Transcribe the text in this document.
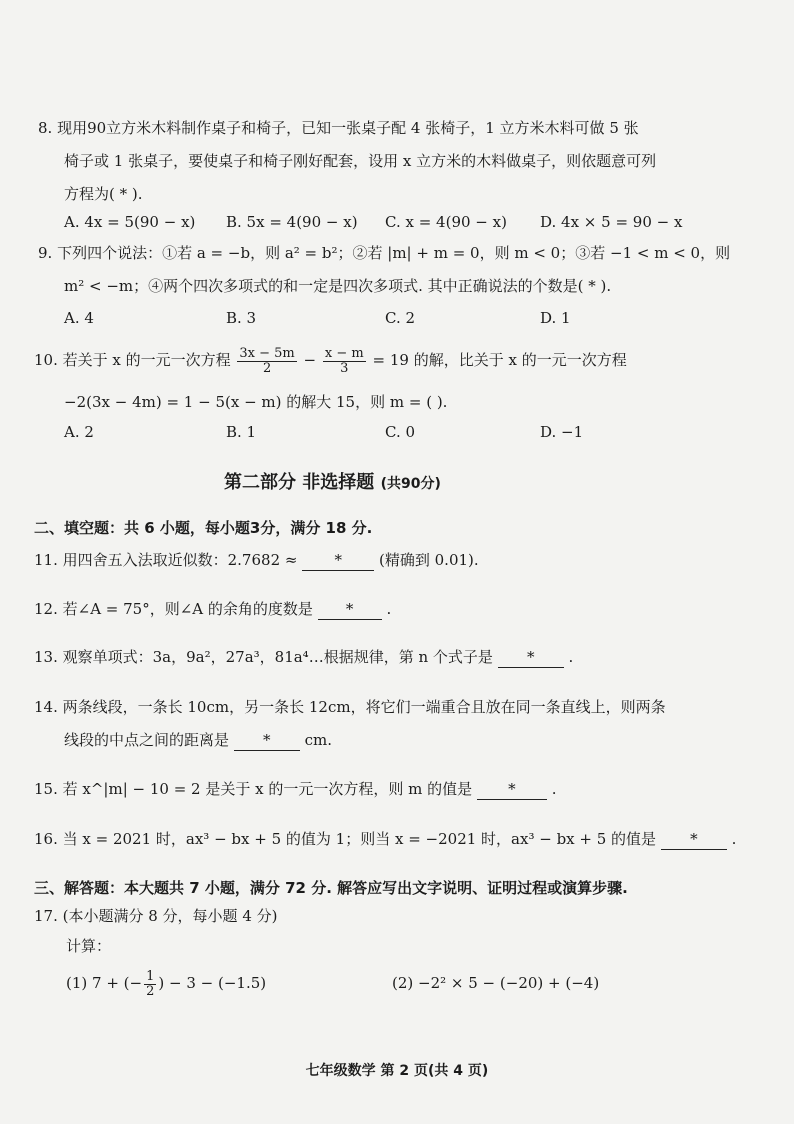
8. 现用90立方米木料制作桌子和椅子，已知一张桌子配 4 张椅子，1 立方米木料可做 5 张
椅子或 1 张桌子，要使桌子和椅子刚好配套，设用 x 立方米的木料做桌子，则依题意可列
方程为( * ).
A. 4x = 5(90 − x) B. 5x = 4(90 − x) C. x = 4(90 − x) D. 4x × 5 = 90 − x
9. 下列四个说法：①若 a = −b，则 a² = b²；②若 |m| + m = 0，则 m < 0；③若 −1 < m < 0，则
m² < −m；④两个四次多项式的和一定是四次多项式. 其中正确说法的个数是( * ).
A. 4	B. 3	C. 2	D. 1
10. 若关于 x 的一元一次方程 $\frac{3x - 5m}{2} - \frac{x - m}{3} = 19$ 的解，比关于 x 的一元一次方程
−2(3x − 4m) = 1 − 5(x − m) 的解大 15，则 m = ( ).
A. 2	B. 1	C. 0	D. −1
第二部分 非选择题 (共90分)
二、填空题：共 6 小题，每小题3分，满分 18 分.
11. 用四舍五入法取近似数：2.7682 ≈ * (精确到 0.01).
12. 若∠A = 75°，则∠A 的余角的度数是 * .
13. 观察单项式：3a，9a²，27a³，81a⁴…根据规律，第 n 个式子是 * .
14. 两条线段，一条长 10cm，另一条长 12cm，将它们一端重合且放在同一条直线上，则两条
线段的中点之间的距离是 * cm.
15. 若 x^|m| − 10 = 2 是关于 x 的一元一次方程，则 m 的值是 * .
16. 当 x = 2021 时，ax³ − bx + 5 的值为 1；则当 x = −2021 时，ax³ − bx + 5 的值是 * .
三、解答题：本大题共 7 小题，满分 72 分. 解答应写出文字说明、证明过程或演算步骤.
17. (本小题满分 8 分，每小题 4 分)
计算：
(1) 7 + (− $\frac{1}{2}$ ) − 3 − (−1.5)	(2) −2² × 5 − (−20) + (−4)
七年级数学 第 2 页(共 4 页)
